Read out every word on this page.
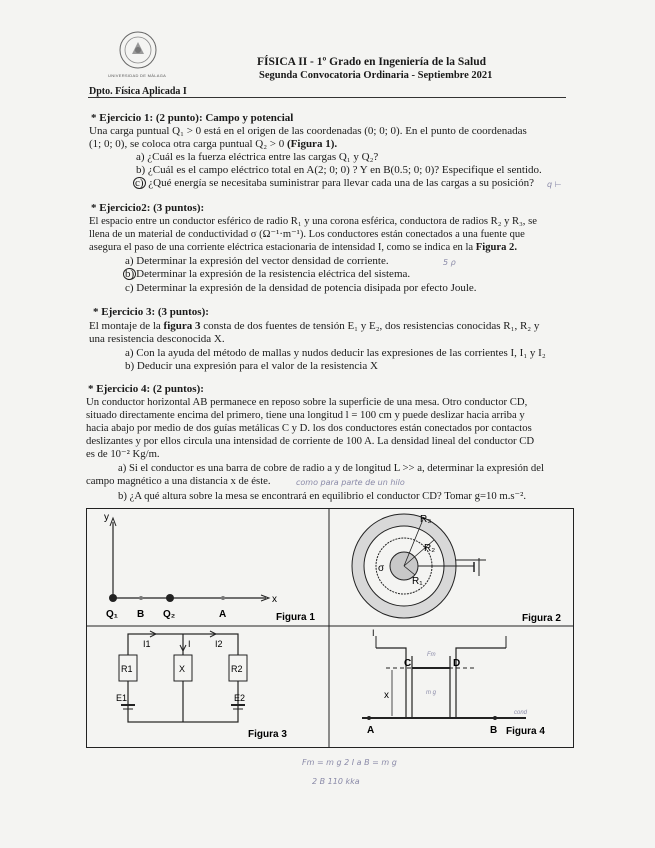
UNIVERSIDAD DE MÁLAGA
FÍSICA II - 1º Grado en Ingeniería de la Salud
Segunda Convocatoria Ordinaria - Septiembre 2021
Dpto. Física Aplicada I
* Ejercicio 1: (2 punto): Campo y potencial
Una carga puntual Q₁ > 0 está en el origen de las coordenadas (0; 0; 0). En el punto de coordenadas
(1; 0; 0), se coloca otra carga puntual Q₂ > 0 (Figura 1).
a) ¿Cuál es la fuerza eléctrica entre las cargas Q₁ y Q₂?
b) ¿Cuál es el campo eléctrico total en A(2; 0; 0) ? Y en B(0.5; 0; 0)? Especifique el sentido.
c) ¿Qué energía se necesitaba suministrar para llevar cada una de las cargas a su posición? q ⊢
* Ejercicio2: (3 puntos):
El espacio entre un conductor esférico de radio R₁ y una corona esférica, conductora de radios R₂ y R₃, se
llena de un material de conductividad σ (Ω⁻¹·m⁻¹). Los conductores están conectados a una fuente que
asegura el paso de una corriente eléctrica estacionaria de intensidad I, como se indica en la Figura 2.
a) Determinar la expresión del vector densidad de corriente.	5 ρ
b) Determinar la expresión de la resistencia eléctrica del sistema.
c) Determinar la expresión de la densidad de potencia disipada por efecto Joule.
* Ejercicio 3: (3 puntos):
El montaje de la figura 3 consta de dos fuentes de tensión E₁ y E₂, dos resistencias conocidas R₁, R₂ y
una resistencia desconocida X.
a) Con la ayuda del método de mallas y nudos deducir las expresiones de las corrientes I, I₁ y I₂
b) Deducir una expresión para el valor de la resistencia X
* Ejercicio 4: (2 puntos):
Un conductor horizontal AB permanece en reposo sobre la superficie de una mesa. Otro conductor CD,
situado directamente encima del primero, tiene una longitud l = 100 cm y puede deslizar hacia arriba y
hacia abajo por medio de dos guías metálicas C y D. los dos conductores están conectados por contactos
deslizantes y por ellos circula una intensidad de corriente de 100 A. La densidad lineal del conductor CD
es de 10⁻² Kg/m.
a) Si el conductor es una barra de cobre de radio a y de longitud L >> a, determinar la expresión del
campo magnético a una distancia x de éste.	como para parte de un hilo
b) ¿A qué altura sobre la mesa se encontrará en equilibrio el conductor CD? Tomar g=10 m.s⁻².
y
x
Q₁ B Q₂	A	Figura 1
R₃
R₂
R₁
σ
Figura 2
I1	I	I2
R1	X	R2
E1	E2
Figura 3
I
C	D
x
A	B
Fm
m g
cond
Figura 4
Fm = m g 2 I a B = m g
2 B 110 kka
